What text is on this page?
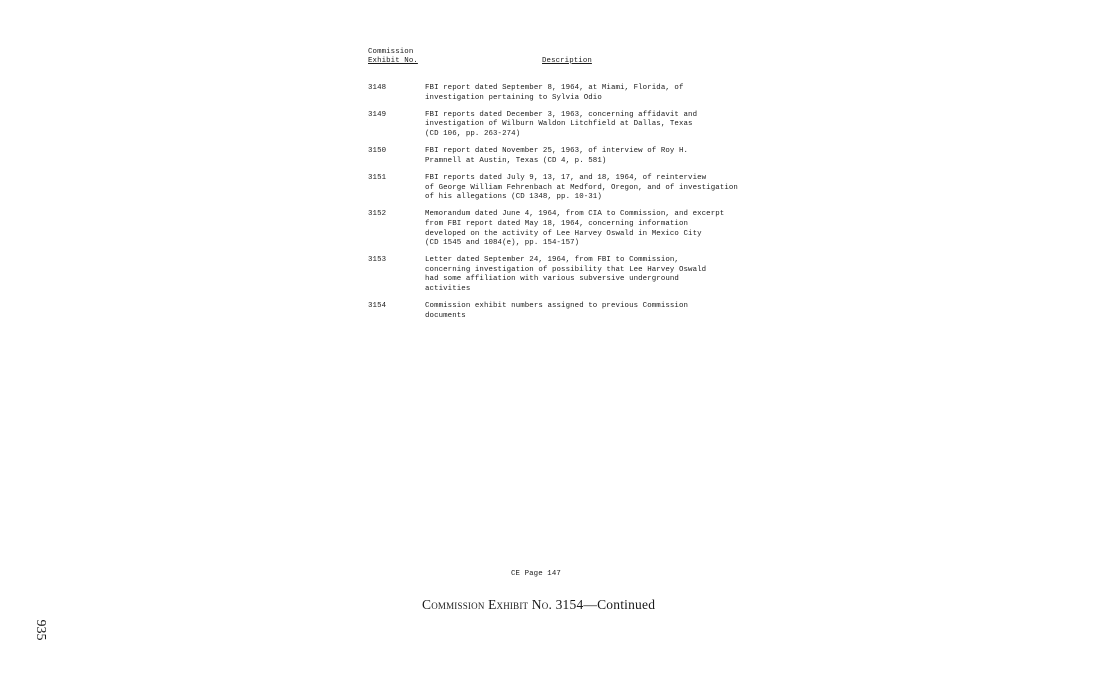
Commission
Exhibit No.	Description
3148	FBI report dated September 8, 1964, at Miami, Florida, of
investigation pertaining to Sylvia Odio
3149	FBI reports dated December 3, 1963, concerning affidavit and
investigation of Wilburn Waldon Litchfield at Dallas, Texas
(CD 106, pp. 263-274)
3150	FBI report dated November 25, 1963, of interview of Roy H.
Pramnell at Austin, Texas (CD 4, p. 581)
3151	FBI reports dated July 9, 13, 17, and 18, 1964, of reinterview
of George William Fehrenbach at Medford, Oregon, and of investigation
of his allegations (CD 1348, pp. 10-31)
3152	Memorandum dated June 4, 1964, from CIA to Commission, and excerpt
from FBI report dated May 18, 1964, concerning information
developed on the activity of Lee Harvey Oswald in Mexico City
(CD 1545 and 1084(e), pp. 154-157)
3153	Letter dated September 24, 1964, from FBI to Commission,
concerning investigation of possibility that Lee Harvey Oswald
had some affiliation with various subversive underground
activities
3154	Commission exhibit numbers assigned to previous Commission
documents
CE Page 147
Commission Exhibit No. 3154—Continued
935
